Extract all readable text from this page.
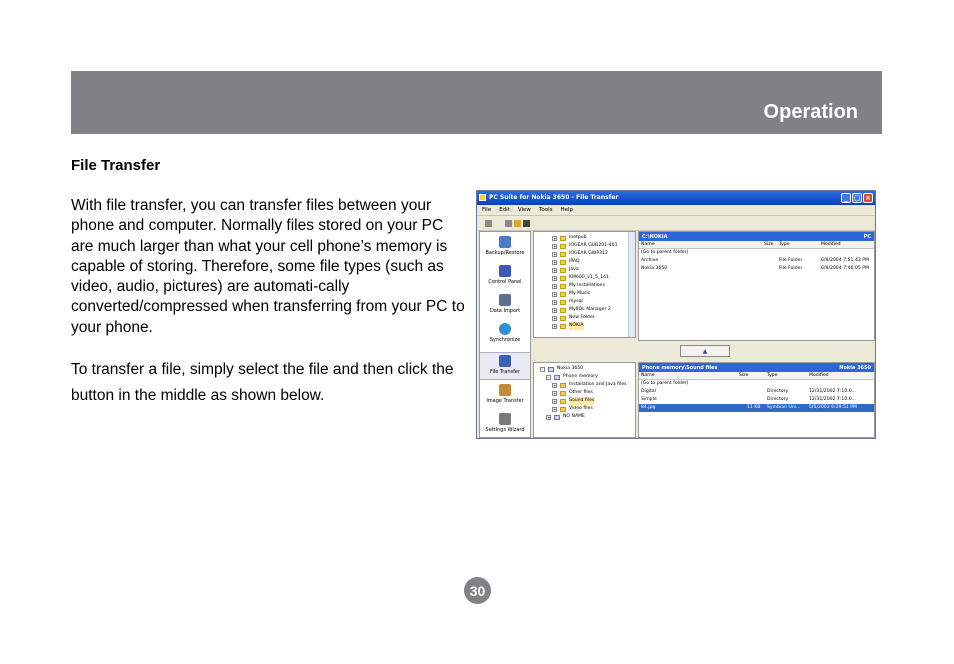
Operation
File Transfer
With file transfer, you can transfer files between your phone and computer. Normally files stored on your PC are much larger than what your cell phone’s memory is capable of storing. Therefore, some file types (such as video, audio, pictures) are automati-cally converted/compressed when transferring from your PC to your phone.
To transfer a file, simply select the file and then click the button in the middle as shown below.
PC Suite for Nokia 3650 - File Transfer	_ □ ×
File Edit View Tools Help
Backup/Restore
Control Panel
Data Import
Synchronize
File Transfer
Image Transfer
Settings Wizard
+	Inetpub
+	IOGEAR GUB201-401
+	IOGEAR GWP312
+	IPAQ
+	Java
+	KM600_v1_5_141
+	My Installations
+	My Music
+	mysql
+	MySQL Manager 2
+	New Folder
+	NOKIA
C:\NOKIA	PC
Name	Size Type	Modified
(Go to parent folder)
Archive	File Folder	6/9/2004 7:51:43 PM
Nokia 3650	File Folder	6/9/2004 7:46:05 PM
▲
-	Nokia 3650
-	Phone memory
+	Installation and Java files
+	Other files
+	Sound files
+	Video files
+	NO NAME
Phone memory\Sound files	Nokia 3650
Name	Size	Type	Modified
(Go to parent folder)
Digital	Directory	12/31/2002 7:10:0...
Simple	Directory	12/31/2002 7:10:0...
84.jpg	11 KB Symbian Uni... 5/5/2003 6:29:51 PM
30
